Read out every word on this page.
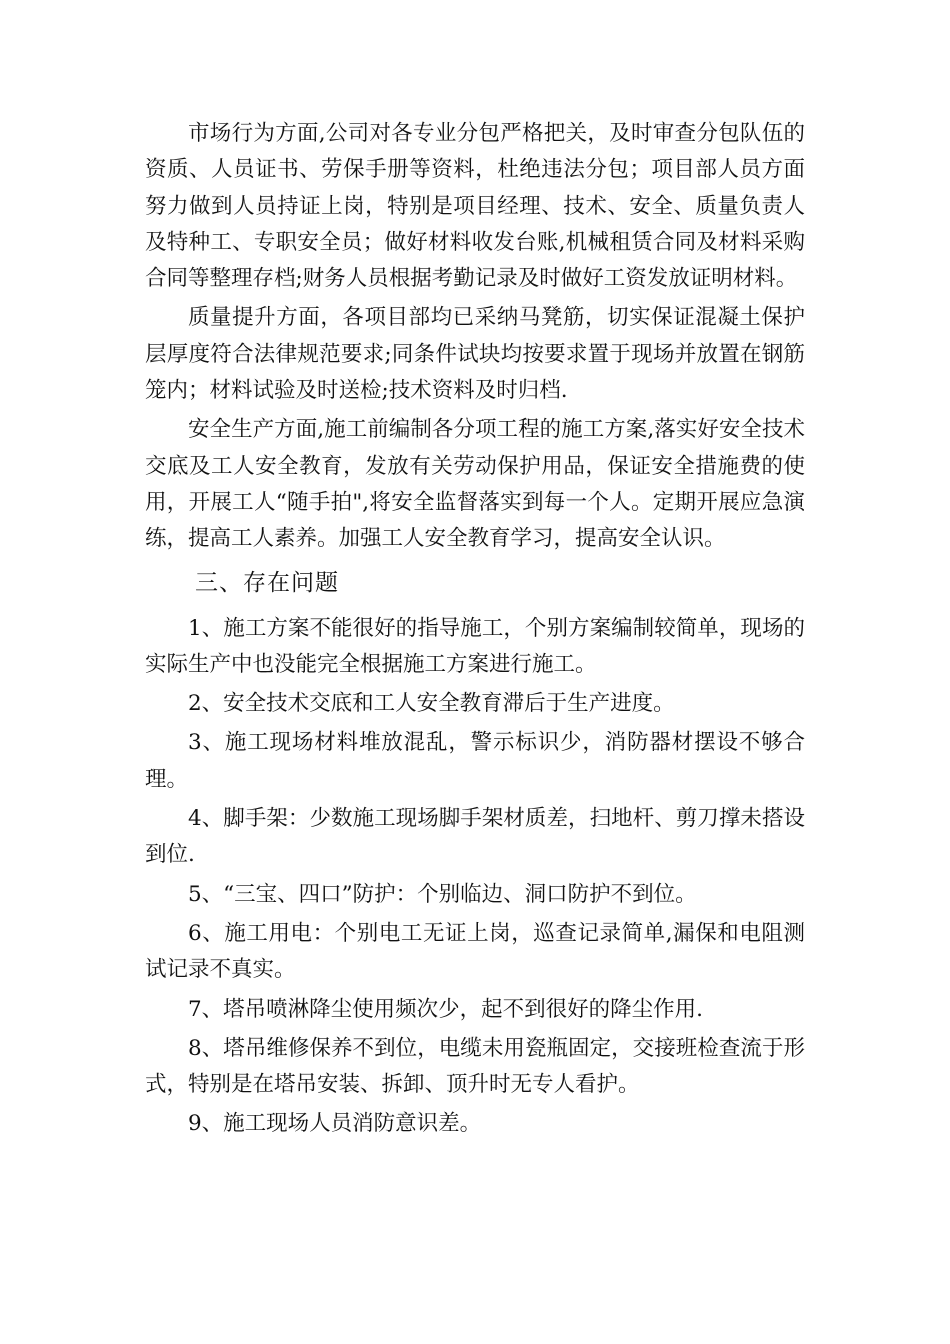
市场行为方面,公司对各专业分包严格把关，及时审查分包队伍的资质、人员证书、劳保手册等资料，杜绝违法分包；项目部人员方面努力做到人员持证上岗，特别是项目经理、技术、安全、质量负责人及特种工、专职安全员；做好材料收发台账,机械租赁合同及材料采购合同等整理存档;财务人员根据考勤记录及时做好工资发放证明材料。

质量提升方面，各项目部均已采纳马凳筋，切实保证混凝土保护层厚度符合法律规范要求;同条件试块均按要求置于现场并放置在钢筋笼内；材料试验及时送检;技术资料及时归档.

安全生产方面,施工前编制各分项工程的施工方案,落实好安全技术交底及工人安全教育，发放有关劳动保护用品，保证安全措施费的使用，开展工人“随手拍",将安全监督落实到每一个人。定期开展应急演练，提高工人素养。加强工人安全教育学习，提高安全认识。

三、存在问题

1、施工方案不能很好的指导施工，个别方案编制较简单，现场的实际生产中也没能完全根据施工方案进行施工。

2、安全技术交底和工人安全教育滞后于生产进度。

3、施工现场材料堆放混乱，警示标识少，消防器材摆设不够合理。

4、脚手架：少数施工现场脚手架材质差，扫地杆、剪刀撑未搭设到位.

5、“三宝、四口”防护：个别临边、洞口防护不到位。

6、施工用电：个别电工无证上岗，巡查记录简单,漏保和电阻测试记录不真实。

7、塔吊喷淋降尘使用频次少，起不到很好的降尘作用.

8、塔吊维修保养不到位，电缆未用瓷瓶固定，交接班检查流于形式，特别是在塔吊安装、拆卸、顶升时无专人看护。

9、施工现场人员消防意识差。
